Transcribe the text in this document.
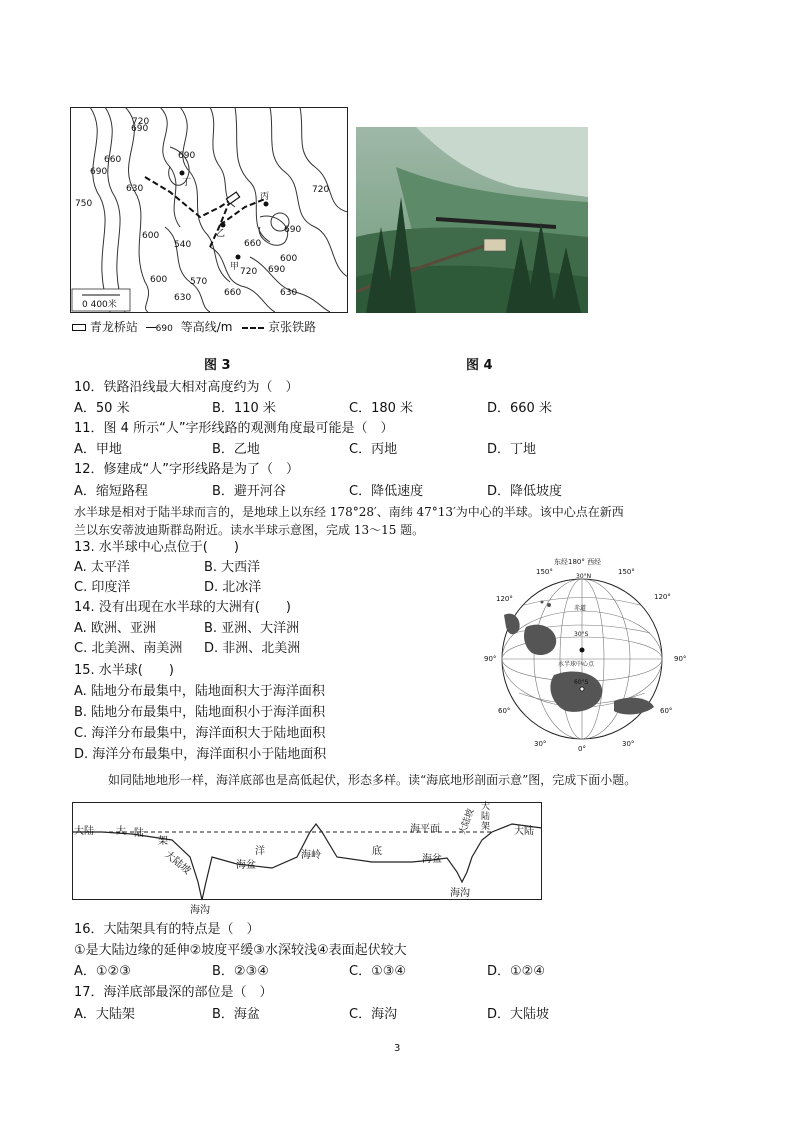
720
690
660	690
690
750
630
600
540
720
690
600
660
570
600
630	630
690
660
720
丁
丙
乙
甲
0 400米
青龙桥站 690 等高线/m	京张铁路
图 3	图 4
10．铁路沿线最大相对高度约为（　）
A．50 米	B．110 米	C．180 米	D．660 米
11．图 4 所示“人”字形线路的观测角度最可能是（　）
A．甲地	B．乙地	C．丙地	D．丁地
12．修建成“人”字形线路是为了（　）
A．缩短路程	B．避开河谷	C．降低速度	D．降低坡度
水半球是相对于陆半球而言的，是地球上以东经 178°28′、南纬 47°13′为中心的半球。该中心点在新西
兰以东安蒂波迪斯群岛附近。读水半球示意图，完成 13～15 题。
13. 水半球中心点位于(　　)
A. 太平洋	B. 大西洋
C. 印度洋	D. 北冰洋
14. 没有出现在水半球的大洲有(　　)
A. 欧洲、亚洲	B. 亚洲、大洋洲
C. 北美洲、南美洲 D. 非洲、北美洲
15. 水半球(　　)
A. 陆地分布最集中，陆地面积大于海洋面积
B. 陆地分布最集中，陆地面积小于海洋面积
C. 海洋分布最集中，海洋面积大于陆地面积
D. 海洋分布最集中，海洋面积小于陆地面积
东经180° 西经
150°	150°
120°	120°
90°	90°
60°	60°
30°	30°
0°
30°N
赤道
30°S
60°S
水半球中心点
如同陆地地形一样，海洋底部也是高低起伏，形态多样。读“海底地形剖面示意”图，完成下面小题。
大陆 大 陆
架
大陆坡	洋
海盆
海岭	底
海盆
海平面
大陆架
大陆坡	大陆
海沟
海沟
16．大陆架具有的特点是（　）
①是大陆边缘的延伸②坡度平缓③水深较浅④表面起伏较大
A．①②③	B．②③④	C．①③④	D．①②④
17．海洋底部最深的部位是（　）
A．大陆架	B．海盆	C．海沟	D．大陆坡
3
